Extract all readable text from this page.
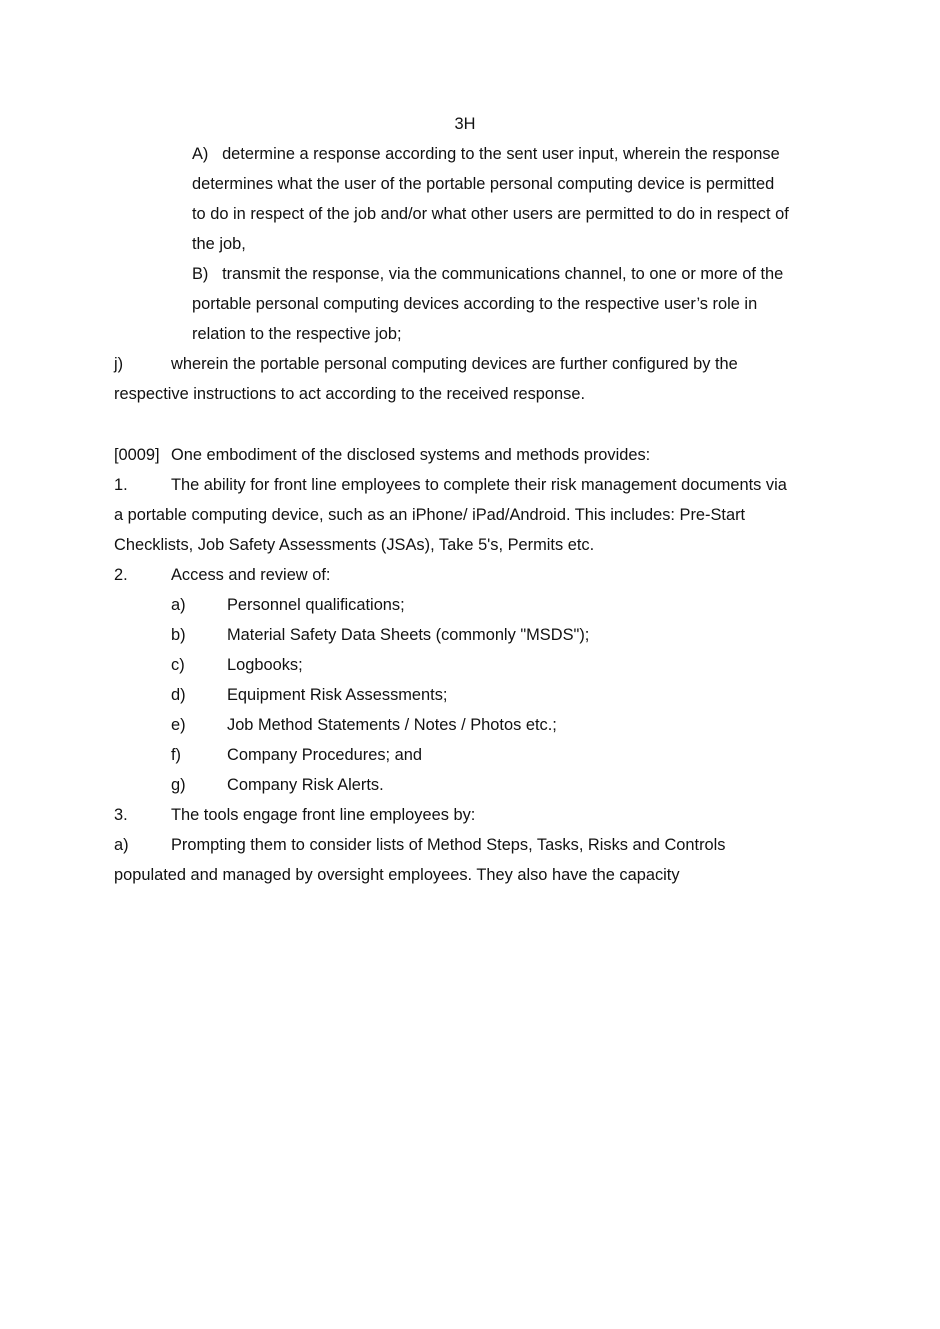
3H
A) determine a response according to the sent user input, wherein the response
determines what the user of the portable personal computing device is permitted
to do in respect of the job and/or what other users are permitted to do in respect of
the job,
B) transmit the response, via the communications channel, to one or more of the
portable personal computing devices according to the respective user’s role in
relation to the respective job;
j)	wherein the portable personal computing devices are further configured by the
respective instructions to act according to the received response.
[0009] One embodiment of the disclosed systems and methods provides:
1.	The ability for front line employees to complete their risk management documents via
a portable computing device, such as an iPhone/ iPad/Android. This includes: Pre-Start
Checklists, Job Safety Assessments (JSAs), Take 5's, Permits etc.
2.	Access and review of:
a)	Personnel qualifications;
b)	Material Safety Data Sheets (commonly "MSDS");
c)	Logbooks;
d)	Equipment Risk Assessments;
e)	Job Method Statements / Notes / Photos etc.;
f)	Company Procedures; and
g)	Company Risk Alerts.
3.	The tools engage front line employees by:
a)	Prompting them to consider lists of Method Steps, Tasks, Risks and Controls
populated and managed by oversight employees. They also have the capacity
